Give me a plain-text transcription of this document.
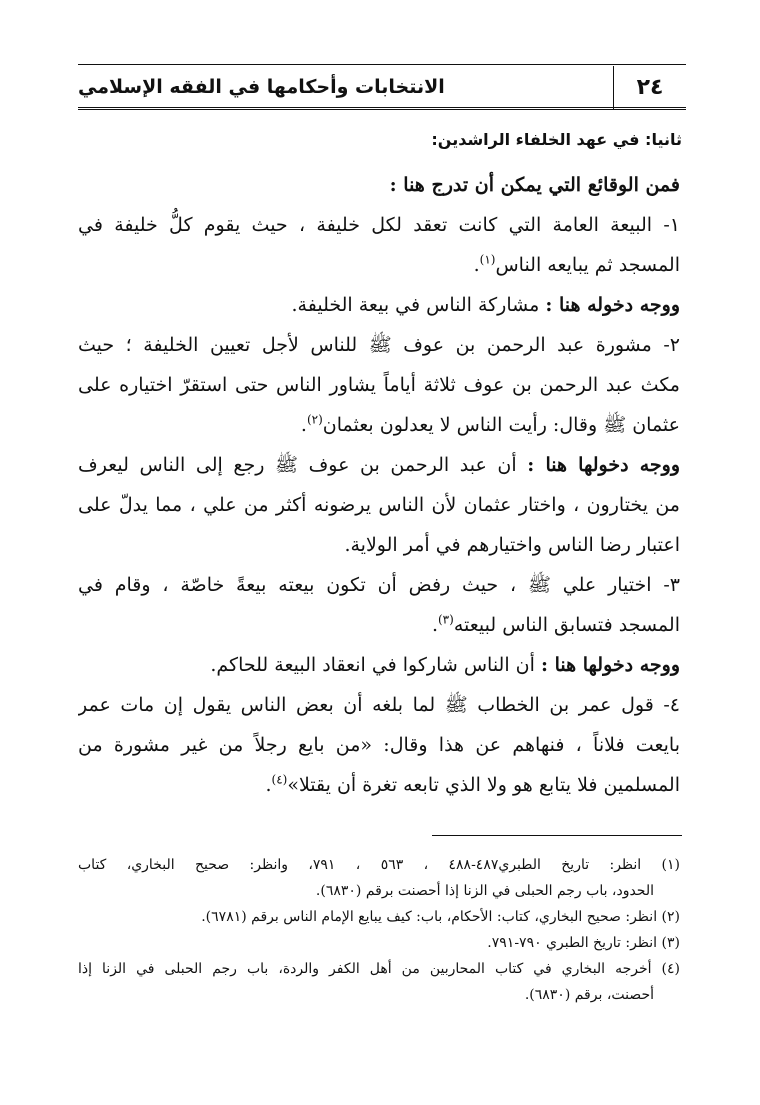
٢٤
الانتخابات وأحكامها في الفقه الإسلامي
ثانيا: في عهد الخلفاء الراشدين:
فمن الوقائع التي يمكن أن تدرج هنا :
١- البيعة العامة التي كانت تعقد لكل خليفة ، حيث يقوم كلُّ خليفة في
المسجد ثم يبايعه الناس$^{(١)}$.
ووجه دخوله هنا : مشاركة الناس في بيعة الخليفة.
٢- مشورة عبد الرحمن بن عوف ﷺ للناس لأجل تعيين الخليفة ؛ حيث
مكث عبد الرحمن بن عوف ثلاثة أياماً يشاور الناس حتى استقرّ اختياره على
عثمان ﷺ وقال: رأيت الناس لا يعدلون بعثمان$^{(٢)}$.
ووجه دخولها هنا : أن عبد الرحمن بن عوف ﷺ رجع إلى الناس ليعرف
من يختارون ، واختار عثمان لأن الناس يرضونه أكثر من علي ، مما يدلّ على
اعتبار رضا الناس واختيارهم في أمر الولاية.
٣- اختيار علي ﷺ ، حيث رفض أن تكون بيعته بيعةً خاصّة ، وقام في
المسجد فتسابق الناس لبيعته$^{(٣)}$.
ووجه دخولها هنا : أن الناس شاركوا في انعقاد البيعة للحاكم.
٤- قول عمر بن الخطاب ﷺ لما بلغه أن بعض الناس يقول إن مات عمر
بايعت فلاناً ، فنهاهم عن هذا وقال: «من بايع رجلاً من غير مشورة من
المسلمين فلا يتابع هو ولا الذي تابعه تغرة أن يقتلا»$^{(٤)}$.
(١) انظر: تاريخ الطبري٤٨٧-٤٨٨ ، ٥٦٣ ، ٧٩١، وانظر: صحيح البخاري، كتاب
الحدود، باب رجم الحبلى في الزنا إذا أحصنت برقم (٦٨٣٠).
(٢) انظر: صحيح البخاري، كتاب: الأحكام، باب: كيف يبايع الإمام الناس برقم (٦٧٨١).
(٣) انظر: تاريخ الطبري ٧٩٠-٧٩١.
(٤) أخرجه البخاري في كتاب المحاربين من أهل الكفر والردة، باب رجم الحبلى في الزنا إذا
أحصنت، برقم (٦٨٣٠).
